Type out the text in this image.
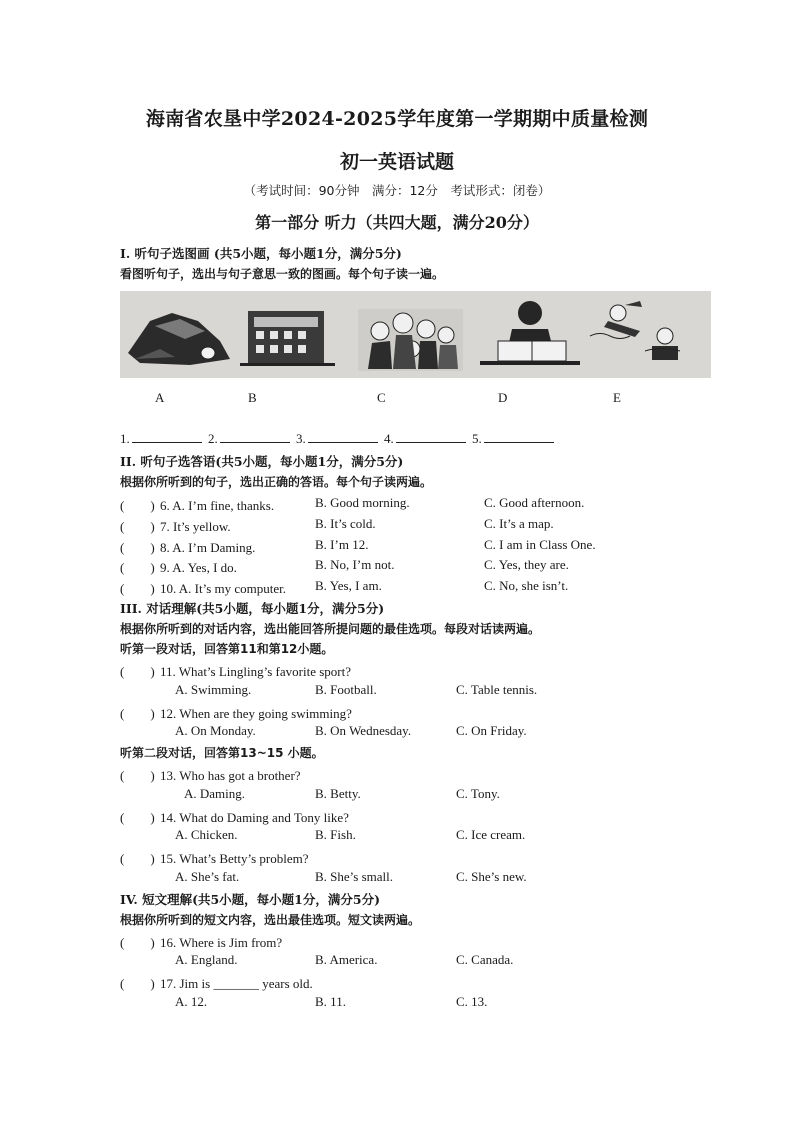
海南省农垦中学2024-2025学年度第一学期期中质量检测
初一英语试题
（考试时间：90分钟　满分：12分　考试形式：闭卷）
第一部分 听力（共四大题，满分20分）
I. 听句子选图画 (共5小题，每小题1分，满分5分)
看图听句子，选出与句子意思一致的图画。每个句子读一遍。
A	B	C	D	E
1.	2.	3.	4.	5.
II. 听句子选答语(共5小题，每小题1分，满分5分)
根据你所听到的句子，选出正确的答语。每个句子读两遍。
(　　) 6. A. I’m fine, thanks.	B. Good morning.	C. Good afternoon.
(　　) 7. It’s yellow.	B. It’s cold.	C. It’s a map.
(　　) 8. A. I’m Daming.	B. I’m 12.	C. I am in Class One.
(　　) 9. A. Yes, I do.	B. No, I’m not.	C. Yes, they are.
(　　) 10. A. It’s my computer. B. Yes, I am.	C. No, she isn’t.
III. 对话理解(共5小题，每小题1分，满分5分)
根据你所听到的对话内容，选出能回答所提问题的最佳选项。每段对话读两遍。
听第一段对话，回答第11和第12小题。
(　　) 11. What’s Lingling’s favorite sport?
A. Swimming.	B. Football.	C. Table tennis.
(　　) 12. When are they going swimming?
A. On Monday.	B. On Wednesday.	C. On Friday.
听第二段对话，回答第13~15 小题。
(　　) 13. Who has got a brother?
A. Daming.	B. Betty.	C. Tony.
(　　) 14. What do Daming and Tony like?
A. Chicken.	B. Fish.	C. Ice cream.
(　　) 15. What’s Betty’s problem?
A. She’s fat.	B. She’s small.	C. She’s new.
IV. 短文理解(共5小题，每小题1分，满分5分)
根据你所听到的短文内容，选出最佳选项。短文读两遍。
(　　) 16. Where is Jim from?
A. England.	B. America.	C. Canada.
(　　) 17. Jim is _______ years old.
A. 12.	B. 11.	C. 13.
